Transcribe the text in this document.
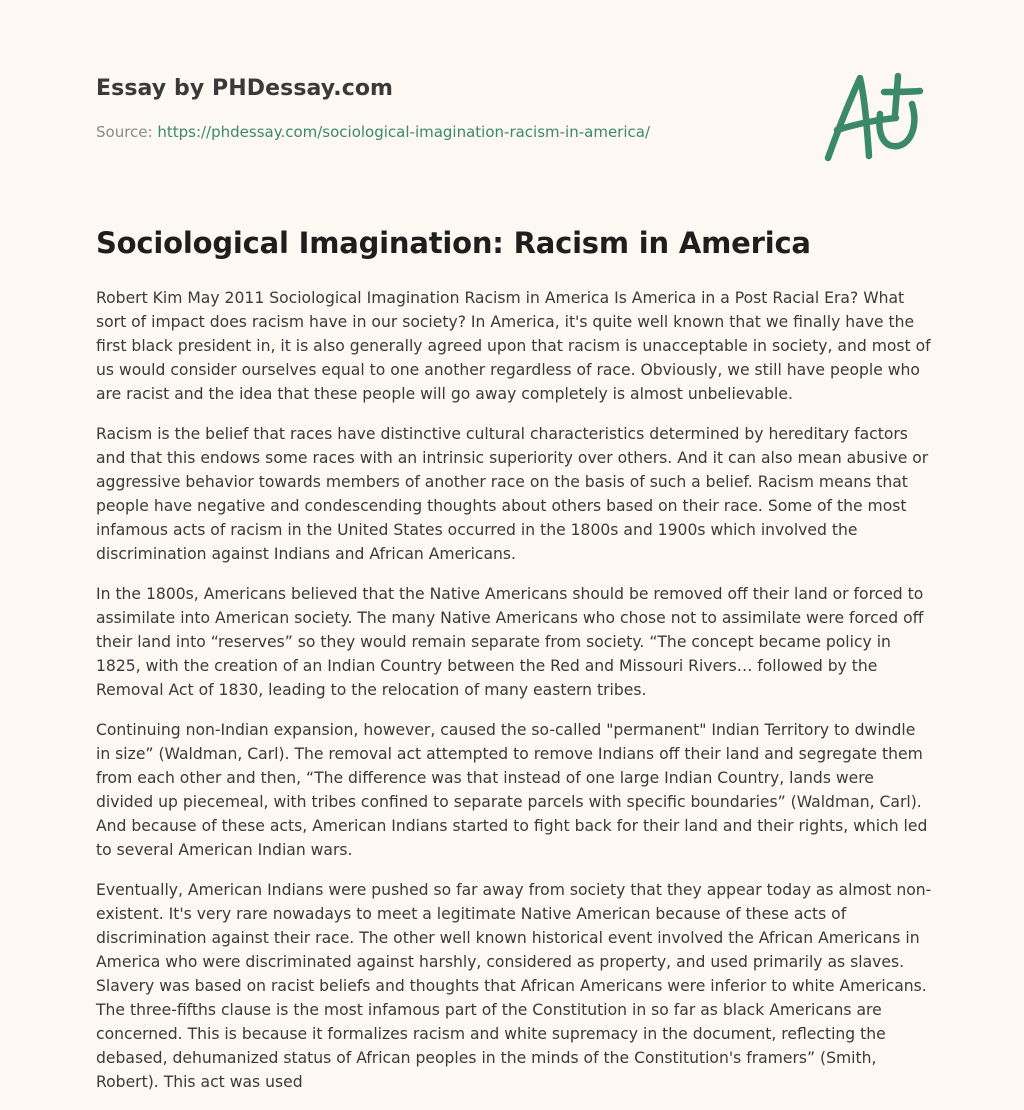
Essay by PHDessay.com

Source: https://phdessay.com/sociological-imagination-racism-in-america/

Sociological Imagination: Racism in America

Robert Kim May 2011 Sociological Imagination Racism in America Is America in a Post Racial Era? What sort of impact does racism have in our society? In America, it's quite well known that we finally have the first black president in, it is also generally agreed upon that racism is unacceptable in society, and most of us would consider ourselves equal to one another regardless of race. Obviously, we still have people who are racist and the idea that these people will go away completely is almost unbelievable.

Racism is the belief that races have distinctive cultural characteristics determined by hereditary factors and that this endows some races with an intrinsic superiority over others. And it can also mean abusive or aggressive behavior towards members of another race on the basis of such a belief. Racism means that people have negative and condescending thoughts about others based on their race. Some of the most infamous acts of racism in the United States occurred in the 1800s and 1900s which involved the discrimination against Indians and African Americans.

In the 1800s, Americans believed that the Native Americans should be removed off their land or forced to assimilate into American society. The many Native Americans who chose not to assimilate were forced off their land into “reserves” so they would remain separate from society. “The concept became policy in 1825, with the creation of an Indian Country between the Red and Missouri Rivers… followed by the Removal Act of 1830, leading to the relocation of many eastern tribes.

Continuing non-Indian expansion, however, caused the so-called "permanent" Indian Territory to dwindle in size” (Waldman, Carl). The removal act attempted to remove Indians off their land and segregate them from each other and then, “The difference was that instead of one large Indian Country, lands were divided up piecemeal, with tribes confined to separate parcels with specific boundaries” (Waldman, Carl). And because of these acts, American Indians started to fight back for their land and their rights, which led to several American Indian wars.

Eventually, American Indians were pushed so far away from society that they appear today as almost non-existent. It's very rare nowadays to meet a legitimate Native American because of these acts of discrimination against their race. The other well known historical event involved the African Americans in America who were discriminated against harshly, considered as property, and used primarily as slaves. Slavery was based on racist beliefs and thoughts that African Americans were inferior to white Americans. The three-fifths clause is the most infamous part of the Constitution in so far as black Americans are concerned. This is because it formalizes racism and white supremacy in the document, reflecting the debased, dehumanized status of African peoples in the minds of the Constitution's framers” (Smith, Robert). This act was used
